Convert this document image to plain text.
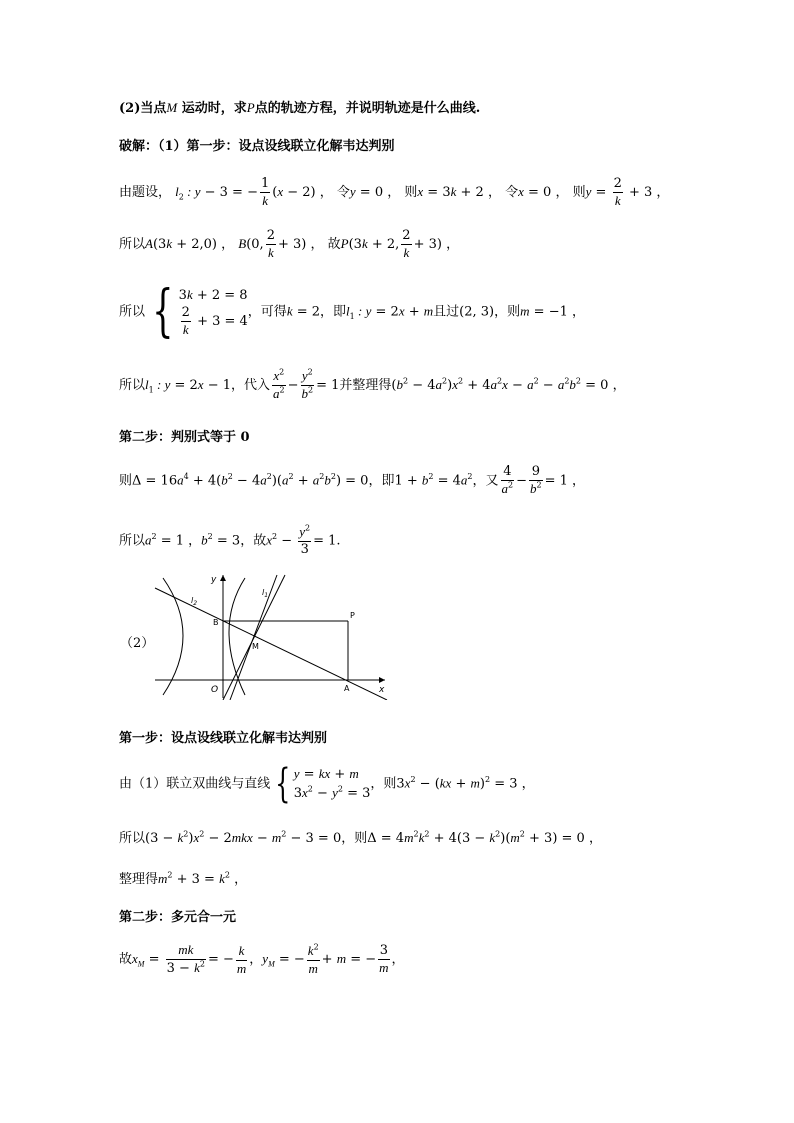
(2)当点M 运动时，求P点的轨迹方程，并说明轨迹是什么曲线.
破解：（1）第一步：设点设线联立化解韦达判别
由题设， $l_2$ : y − 3 = − $\frac{1}{k} (x - 2)$ ， 令y = 0 ， 则x = 3k + 2 ， 令x = 0 ， 则$y = \frac{2}{k} + 3$ ，
所以A(3k + 2,0) ， B(0, $\frac{2}{k} + 3$) ， 故P(3k + 2, $\frac{2}{k} + 3$) ，
所以 { 3k + 2 = 8
$\frac{2}{k} + 3 = 4$
，可得k = 2，即$l_1$ : y = 2x + m且过(2, 3)，则m = −1 ，
所以$l_1$ : y = 2x − 1，代入 $\frac{x^2}{a^2} - \frac{y^2}{b^2} = 1$并整理得$(b^2 - 4a^2)x^2 + 4a^2x - a^2 - a^2b^2 = 0$ ，
第二步：判别式等于 0
则$\Delta = 16a^4 + 4(b^2 - 4a^2)(a^2 + a^2b^2) = 0$，即$1 + b^2 = 4a^2$，又 $\frac{4}{a^2} - \frac{9}{b^2} = 1$ ，
所以$a^2 = 1$ ，$b^2 = 3$，故$x^2 - \frac{y^2}{3} = 1$.
（2）
y
x
O	A
B
P
M
$l_1$
$l_2$
第一步：设点设线联立化解韦达判别
由（1）联立双曲线与直线 { y = kx + m
$3x^2 - y^2 = 3$
，则$3x^2 - (kx + m)^2 = 3$ ，
所以$(3 - k^2)x^2 - 2mkx - m^2 - 3 = 0$，则$\Delta = 4m^2k^2 + 4(3 - k^2)(m^2 + 3) = 0$ ，
整理得$m^2 + 3 = k^2$ ，
第二步：多元合一元
故$x_M = \frac{mk}{3 - k^2}$ = − $\frac{k}{m}$ ，$y_M$ = − $\frac{k^2}{m} + m$ = − $\frac{3}{m}$ ，
